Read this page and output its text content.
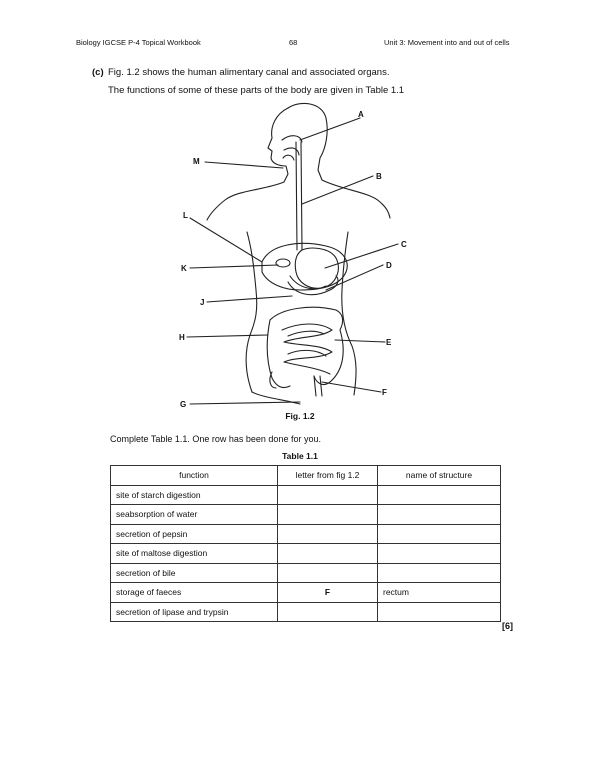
Biology IGCSE P-4 Topical Workbook	68	Unit 3: Movement into and out of cells
(c) Fig. 1.2 shows the human alimentary canal and associated organs.
The functions of some of these parts of the body are given in Table 1.1
A
B
C
D
E
F
G
H
J
K
L
M
Fig. 1.2
Complete Table 1.1. One row has been done for you.
Table 1.1
function	letter from fig 1.2	name of structure
site of starch digestion		
seabsorption of water		
secretion of pepsin		
site of maltose digestion		
secretion of bile		
storage of faeces	F	rectum
secretion of lipase and trypsin		
[6]
